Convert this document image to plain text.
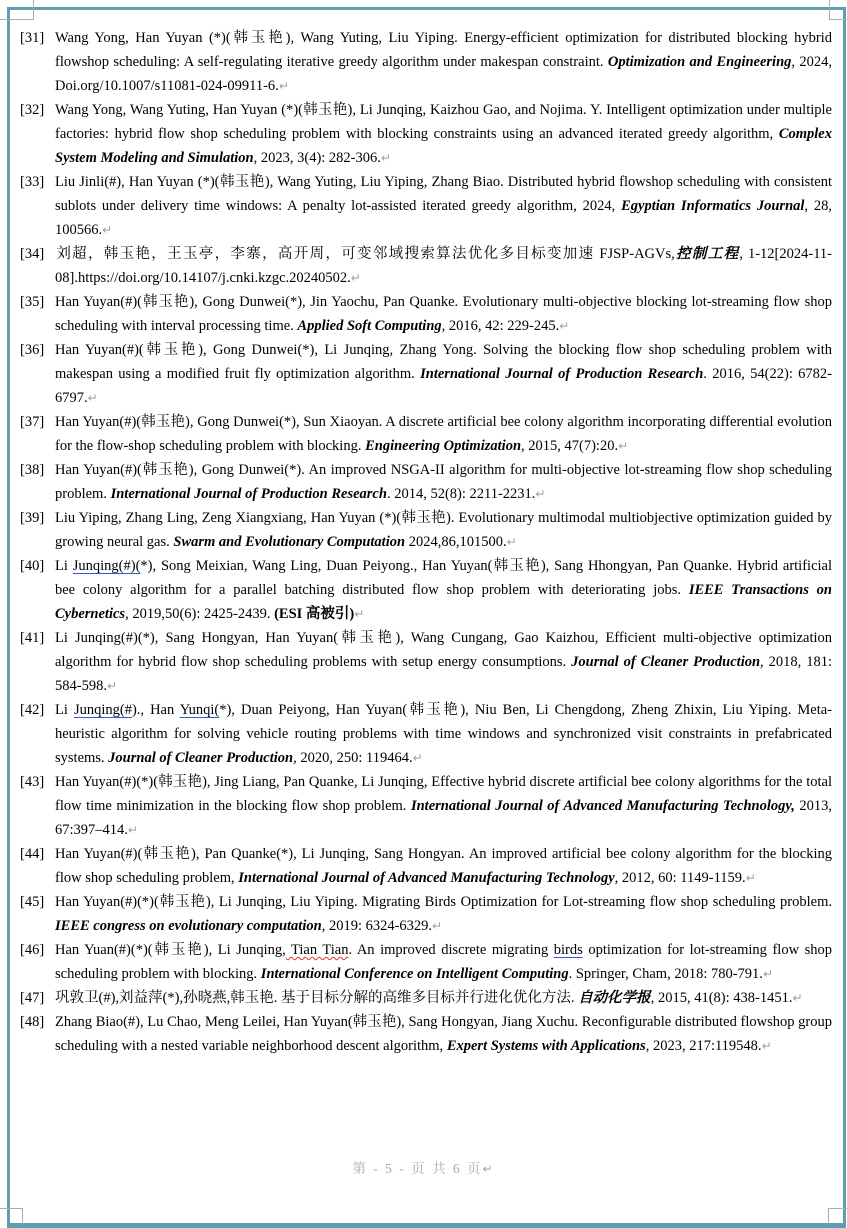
[31] Wang Yong, Han Yuyan (*)(韩玉艳), Wang Yuting, Liu Yiping. Energy-efficient optimization for distributed blocking hybrid flowshop scheduling: A self-regulating iterative greedy algorithm under makespan constraint. Optimization and Engineering, 2024, Doi.org/10.1007/s11081-024-09911-6.↵
[32] Wang Yong, Wang Yuting, Han Yuyan (*)(韩玉艳), Li Junqing, Kaizhou Gao, and Nojima. Y. Intelligent optimization under multiple factories: hybrid flow shop scheduling problem with blocking constraints using an advanced iterated greedy algorithm, Complex System Modeling and Simulation, 2023, 3(4): 282-306.↵
[33] Liu Jinli(#), Han Yuyan (*)(韩玉艳), Wang Yuting, Liu Yiping, Zhang Biao. Distributed hybrid flowshop scheduling with consistent sublots under delivery time windows: A penalty lot-assisted iterated greedy algorithm, 2024, Egyptian Informatics Journal, 28, 100566.↵
[34] 刘超，韩玉艳，王玉亭，李寨，高开周，可变邻域搜索算法优化多目标变加速 FJSP-AGVs,控制工程, 1-12[2024-11-08].https://doi.org/10.14107/j.cnki.kzgc.20240502.↵
[35] Han Yuyan(#)(韩玉艳), Gong Dunwei(*), Jin Yaochu, Pan Quanke. Evolutionary multi-objective blocking lot-streaming flow shop scheduling with interval processing time. Applied Soft Computing, 2016, 42: 229-245.↵
[36] Han Yuyan(#)(韩玉艳), Gong Dunwei(*), Li Junqing, Zhang Yong. Solving the blocking flow shop scheduling problem with makespan using a modified fruit fly optimization algorithm. International Journal of Production Research. 2016, 54(22): 6782-6797.↵
[37] Han Yuyan(#)(韩玉艳), Gong Dunwei(*), Sun Xiaoyan. A discrete artificial bee colony algorithm incorporating differential evolution for the flow-shop scheduling problem with blocking. Engineering Optimization, 2015, 47(7):20.↵
[38] Han Yuyan(#)(韩玉艳), Gong Dunwei(*). An improved NSGA-II algorithm for multi-objective lot-streaming flow shop scheduling problem. International Journal of Production Research. 2014, 52(8): 2211-2231.↵
[39] Liu Yiping, Zhang Ling, Zeng Xiangxiang, Han Yuyan (*)(韩玉艳). Evolutionary multimodal multiobjective optimization guided by growing neural gas. Swarm and Evolutionary Computation 2024,86,101500.↵
[40] Li Junqing(#)(*), Song Meixian, Wang Ling, Duan Peiyong., Han Yuyan(韩玉艳), Sang Hhongyan, Pan Quanke. Hybrid artificial bee colony algorithm for a parallel batching distributed flow shop problem with deteriorating jobs. IEEE Transactions on Cybernetics, 2019,50(6): 2425-2439. (ESI 高被引)↵
[41] Li Junqing(#)(*), Sang Hongyan, Han Yuyan(韩玉艳), Wang Cungang, Gao Kaizhou, Efficient multi-objective optimization algorithm for hybrid flow shop scheduling problems with setup energy consumptions. Journal of Cleaner Production, 2018, 181: 584-598.↵
[42] Li Junqing(#)., Han Yunqi(*), Duan Peiyong, Han Yuyan(韩玉艳), Niu Ben, Li Chengdong, Zheng Zhixin, Liu Yiping. Meta-heuristic algorithm for solving vehicle routing problems with time windows and synchronized visit constraints in prefabricated systems. Journal of Cleaner Production, 2020, 250: 119464.↵
[43] Han Yuyan(#)(*)(韩玉艳), Jing Liang, Pan Quanke, Li Junqing, Effective hybrid discrete artificial bee colony algorithms for the total flow time minimization in the blocking flow shop problem. International Journal of Advanced Manufacturing Technology, 2013, 67:397–414.↵
[44] Han Yuyan(#)(韩玉艳), Pan Quanke(*), Li Junqing, Sang Hongyan. An improved artificial bee colony algorithm for the blocking flow shop scheduling problem, International Journal of Advanced Manufacturing Technology, 2012, 60: 1149-1159.↵
[45] Han Yuyan(#)(*)(韩玉艳), Li Junqing, Liu Yiping. Migrating Birds Optimization for Lot-streaming flow shop scheduling problem. IEEE congress on evolutionary computation, 2019: 6324-6329.↵
[46] Han Yuan(#)(*)(韩玉艳), Li Junqing, Tian Tian. An improved discrete migrating birds optimization for lot-streaming flow shop scheduling problem with blocking. International Conference on Intelligent Computing. Springer, Cham, 2018: 780-791.↵
[47] 巩敦卫(#),刘益萍(*),孙晓燕,韩玉艳. 基于目标分解的高维多目标并行进化优化方法. 自动化学报, 2015, 41(8): 438-1451.↵
[48] Zhang Biao(#), Lu Chao, Meng Leilei, Han Yuyan(韩玉艳), Sang Hongyan, Jiang Xuchu. Reconfigurable distributed flowshop group scheduling with a nested variable neighborhood descent algorithm, Expert Systems with Applications, 2023, 217:119548.↵
第 - 5 - 页 共 6 页↵
